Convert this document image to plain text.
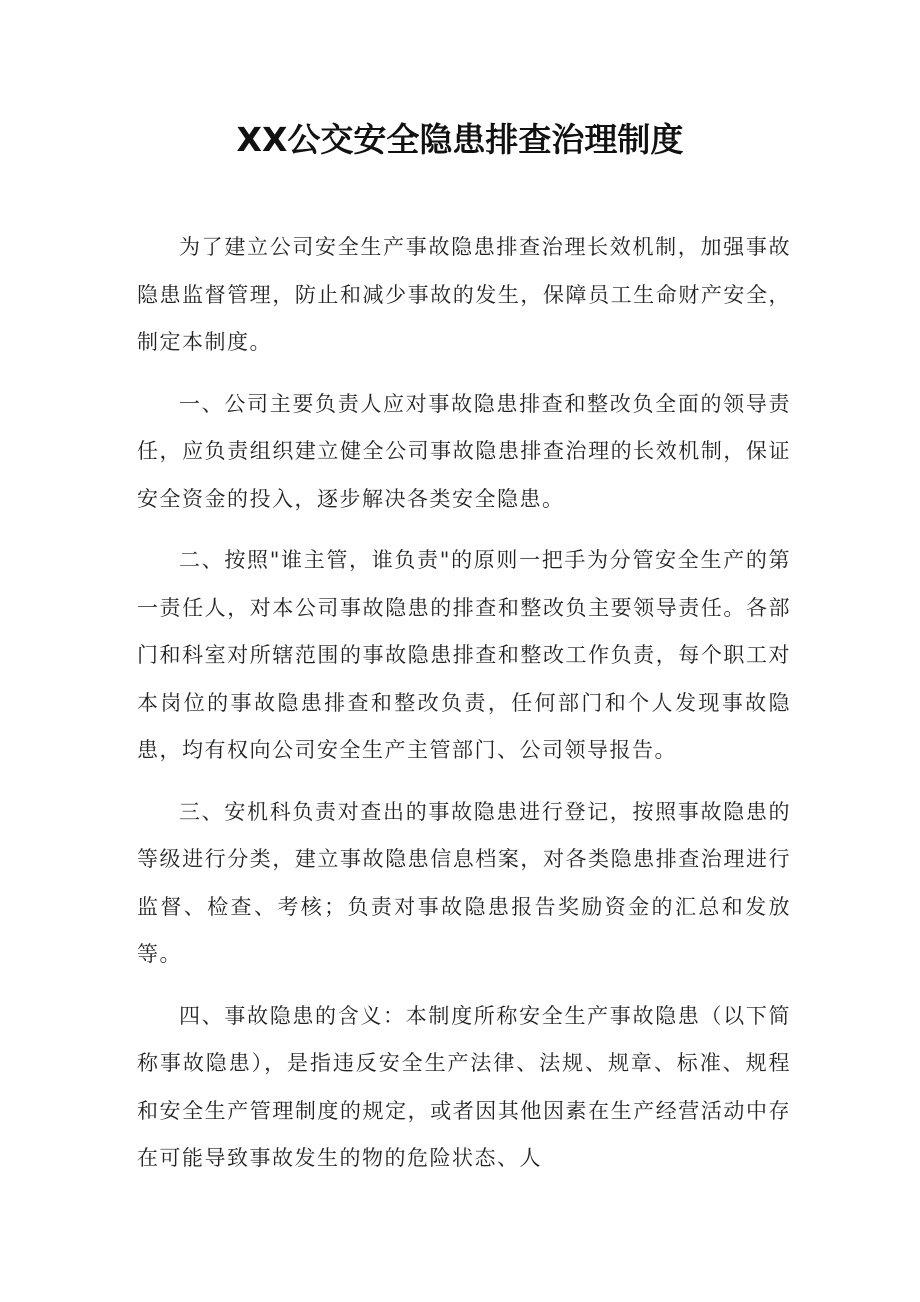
XX公交安全隐患排查治理制度

为了建立公司安全生产事故隐患排查治理长效机制，加强事故隐患监督管理，防止和减少事故的发生，保障员工生命财产安全，制定本制度。

一、公司主要负责人应对事故隐患排查和整改负全面的领导责任，应负责组织建立健全公司事故隐患排查治理的长效机制，保证安全资金的投入，逐步解决各类安全隐患。

二、按照"谁主管，谁负责"的原则一把手为分管安全生产的第一责任人，对本公司事故隐患的排查和整改负主要领导责任。各部门和科室对所辖范围的事故隐患排查和整改工作负责，每个职工对本岗位的事故隐患排查和整改负责，任何部门和个人发现事故隐患，均有权向公司安全生产主管部门、公司领导报告。

三、安机科负责对查出的事故隐患进行登记，按照事故隐患的等级进行分类，建立事故隐患信息档案，对各类隐患排查治理进行监督、检查、考核；负责对事故隐患报告奖励资金的汇总和发放等。

四、事故隐患的含义：本制度所称安全生产事故隐患（以下简称事故隐患），是指违反安全生产法律、法规、规章、标准、规程和安全生产管理制度的规定，或者因其他因素在生产经营活动中存在可能导致事故发生的物的危险状态、人
